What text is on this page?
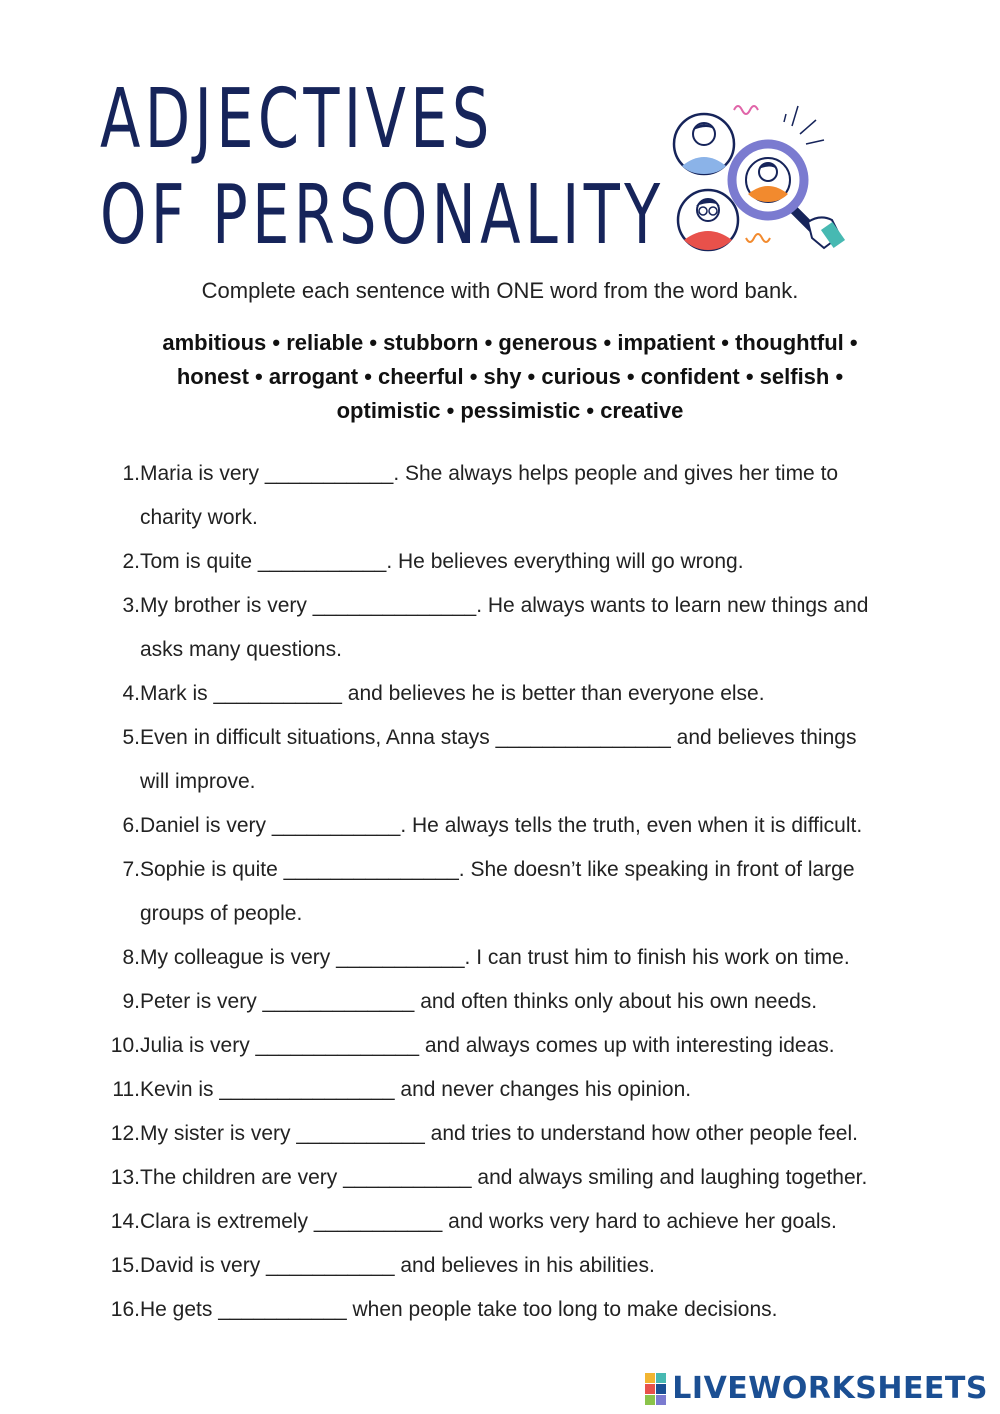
ADJECTIVES
OF PERSONALITY
Complete each sentence with ONE word from the word bank.
ambitious • reliable • stubborn • generous • impatient • thoughtful •
honest • arrogant • cheerful • shy • curious • confident • selfish •
optimistic • pessimistic • creative
1. Maria is very ___________. She always helps people and gives her time to
charity work.
2. Tom is quite ___________. He believes everything will go wrong.
3. My brother is very ______________. He always wants to learn new things and
asks many questions.
4. Mark is ___________ and believes he is better than everyone else.
5. Even in difficult situations, Anna stays _______________ and believes things
will improve.
6. Daniel is very ___________. He always tells the truth, even when it is difficult.
7. Sophie is quite _______________. She doesn’t like speaking in front of large
groups of people.
8. My colleague is very ___________. I can trust him to finish his work on time.
9. Peter is very _____________ and often thinks only about his own needs.
10. Julia is very ______________ and always comes up with interesting ideas.
11. Kevin is _______________ and never changes his opinion.
12. My sister is very ___________ and tries to understand how other people feel.
13. The children are very ___________ and always smiling and laughing together.
14. Clara is extremely ___________ and works very hard to achieve her goals.
15. David is very ___________ and believes in his abilities.
16. He gets ___________ when people take too long to make decisions.
LIVEWORKSHEETS
